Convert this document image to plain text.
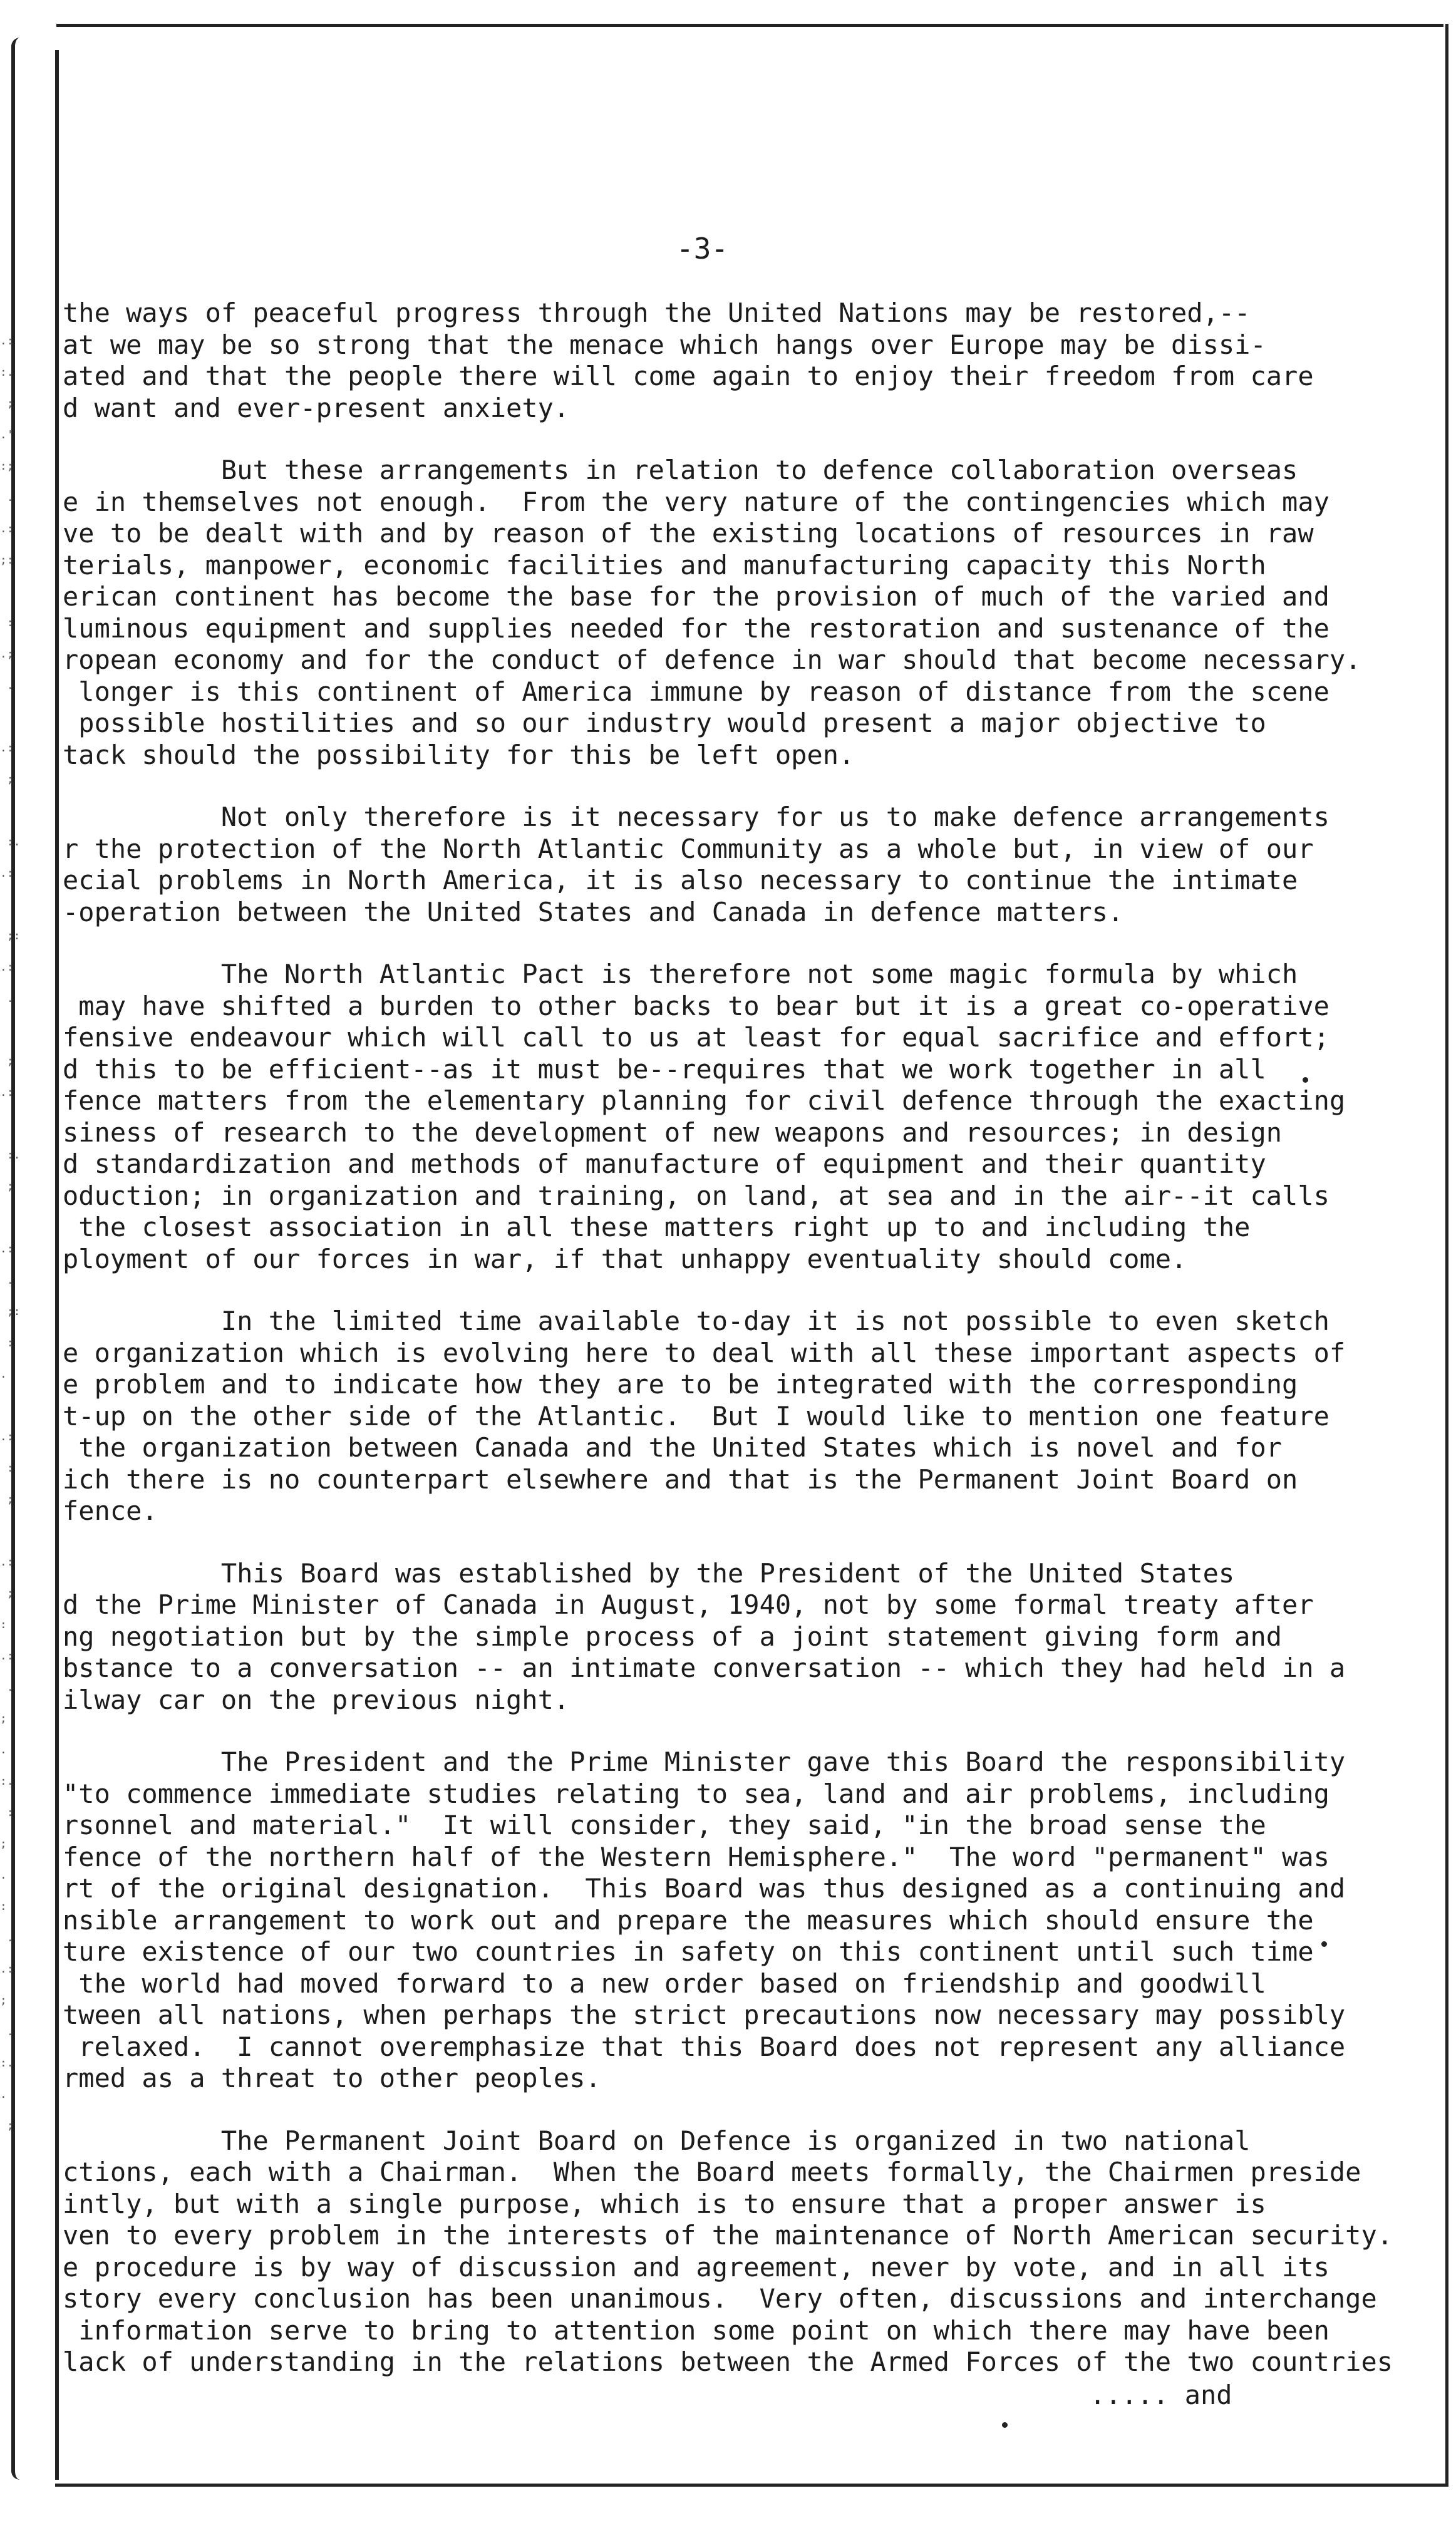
.:
:.
;
.'
:;
.
.:
;:

:
.;
.

.:
;

:.
.:

;:
.:
.

;
.:

:.
;

.:
.
;:
:
.

.:
:
;

.:
;
:
.:
.
;
.
:.
:
;
.
:
.
.:
;
.
:.
.
;
-3-

the ways of peaceful progress through the United Nations may be restored,--
at we may be so strong that the menace which hangs over Europe may be dissi-
ated and that the people there will come again to enjoy their freedom from care
d want and ever-present anxiety.

But these arrangements in relation to defence collaboration overseas
e in themselves not enough.  From the very nature of the contingencies which may
ve to be dealt with and by reason of the existing locations of resources in raw
terials, manpower, economic facilities and manufacturing capacity this North
erican continent has become the base for the provision of much of the varied and
luminous equipment and supplies needed for the restoration and sustenance of the
ropean economy and for the conduct of defence in war should that become necessary.
longer is this continent of America immune by reason of distance from the scene
possible hostilities and so our industry would present a major objective to
tack should the possibility for this be left open.

Not only therefore is it necessary for us to make defence arrangements
r the protection of the North Atlantic Community as a whole but, in view of our
ecial problems in North America, it is also necessary to continue the intimate
-operation between the United States and Canada in defence matters.

The North Atlantic Pact is therefore not some magic formula by which
may have shifted a burden to other backs to bear but it is a great co-operative
fensive endeavour which will call to us at least for equal sacrifice and effort;
d this to be efficient--as it must be--requires that we work together in all
fence matters from the elementary planning for civil defence through the exacting
siness of research to the development of new weapons and resources; in design
d standardization and methods of manufacture of equipment and their quantity
oduction; in organization and training, on land, at sea and in the air--it calls
the closest association in all these matters right up to and including the
ployment of our forces in war, if that unhappy eventuality should come.

In the limited time available to-day it is not possible to even sketch
e organization which is evolving here to deal with all these important aspects of
e problem and to indicate how they are to be integrated with the corresponding
t-up on the other side of the Atlantic.  But I would like to mention one feature
the organization between Canada and the United States which is novel and for
ich there is no counterpart elsewhere and that is the Permanent Joint Board on
fence.

This Board was established by the President of the United States
d the Prime Minister of Canada in August, 1940, not by some formal treaty after
ng negotiation but by the simple process of a joint statement giving form and
bstance to a conversation -- an intimate conversation -- which they had held in a
ilway car on the previous night.

The President and the Prime Minister gave this Board the responsibility
"to commence immediate studies relating to sea, land and air problems, including
rsonnel and material."  It will consider, they said, "in the broad sense the
fence of the northern half of the Western Hemisphere."  The word "permanent" was
rt of the original designation.  This Board was thus designed as a continuing and
nsible arrangement to work out and prepare the measures which should ensure the
ture existence of our two countries in safety on this continent until such time
the world had moved forward to a new order based on friendship and goodwill
tween all nations, when perhaps the strict precautions now necessary may possibly
relaxed.  I cannot overemphasize that this Board does not represent any alliance
rmed as a threat to other peoples.

The Permanent Joint Board on Defence is organized in two national
ctions, each with a Chairman.  When the Board meets formally, the Chairmen preside
intly, but with a single purpose, which is to ensure that a proper answer is
ven to every problem in the interests of the maintenance of North American security.
e procedure is by way of discussion and agreement, never by vote, and in all its
story every conclusion has been unanimous.  Very often, discussions and interchange
information serve to bring to attention some point on which there may have been
lack of understanding in the relations between the Armed Forces of the two countries

..... and
